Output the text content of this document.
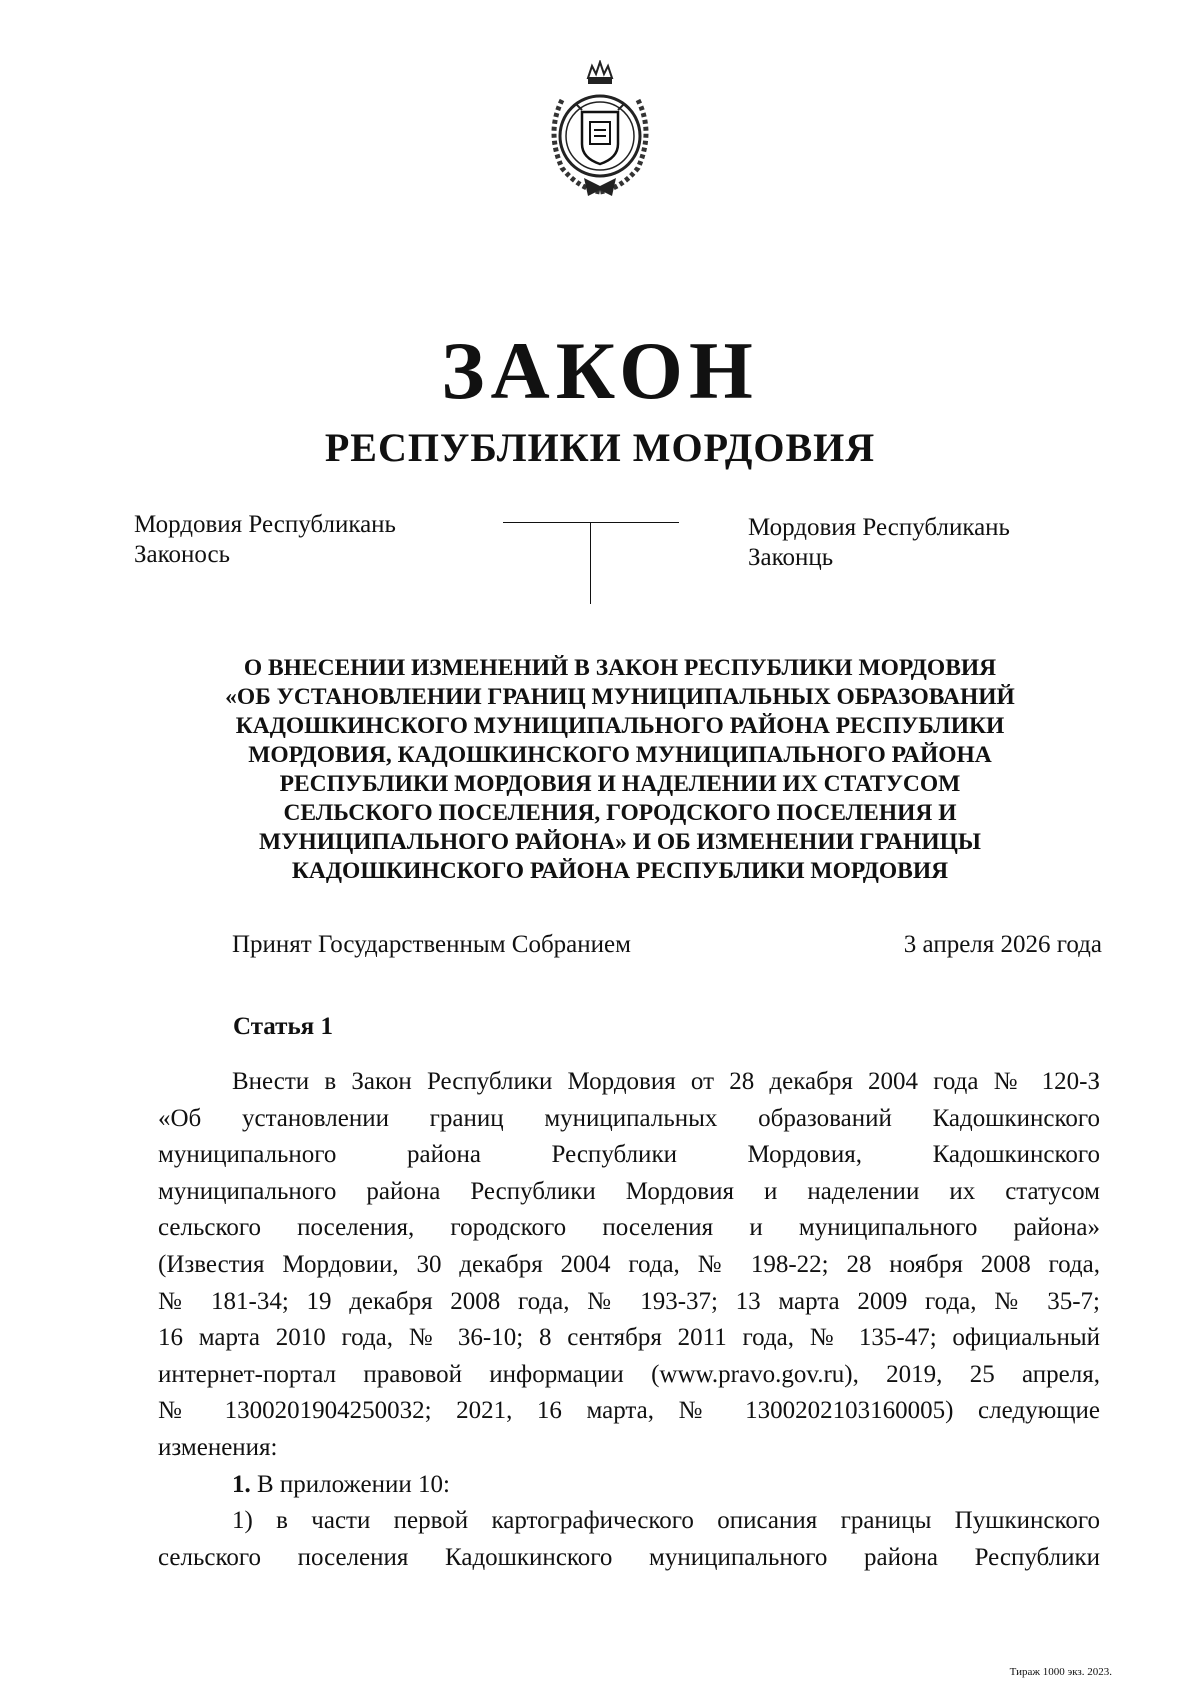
ЗАКОН
РЕСПУБЛИКИ МОРДОВИЯ
Мордовия Республикань
Законось
Мордовия Республикань
Законць
О ВНЕСЕНИИ ИЗМЕНЕНИЙ В ЗАКОН РЕСПУБЛИКИ МОРДОВИЯ
«ОБ УСТАНОВЛЕНИИ ГРАНИЦ МУНИЦИПАЛЬНЫХ ОБРАЗОВАНИЙ
КАДОШКИНСКОГО МУНИЦИПАЛЬНОГО РАЙОНА РЕСПУБЛИКИ
МОРДОВИЯ, КАДОШКИНСКОГО МУНИЦИПАЛЬНОГО РАЙОНА
РЕСПУБЛИКИ МОРДОВИЯ И НАДЕЛЕНИИ ИХ СТАТУСОМ
СЕЛЬСКОГО ПОСЕЛЕНИЯ, ГОРОДСКОГО ПОСЕЛЕНИЯ И
МУНИЦИПАЛЬНОГО РАЙОНА» И ОБ ИЗМЕНЕНИИ ГРАНИЦЫ
КАДОШКИНСКОГО РАЙОНА РЕСПУБЛИКИ МОРДОВИЯ
Принят Государственным Собранием	3 апреля 2026 года
Статья 1
Внести в Закон Республики Мордовия от 28 декабря 2004 года № 120-З
«Об установлении границ муниципальных образований Кадошкинского
муниципального района Республики Мордовия, Кадошкинского
муниципального района Республики Мордовия и наделении их статусом
сельского поселения, городского поселения и муниципального района»
(Известия Мордовии, 30 декабря 2004 года, № 198-22; 28 ноября 2008 года,
№ 181-34; 19 декабря 2008 года, № 193-37; 13 марта 2009 года, № 35-7;
16 марта 2010 года, № 36-10; 8 сентября 2011 года, № 135-47; официальный
интернет-портал правовой информации (www.pravo.gov.ru), 2019, 25 апреля,
№ 1300201904250032; 2021, 16 марта, № 1300202103160005) следующие
изменения:
1. В приложении 10:
1) в части первой картографического описания границы Пушкинского
сельского поселения Кадошкинского муниципального района Республики
Тираж 1000 экз. 2023.
